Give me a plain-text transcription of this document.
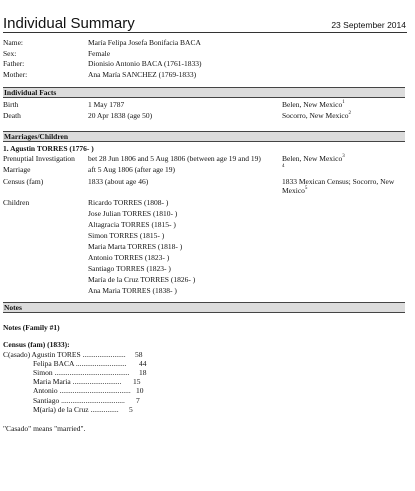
Individual Summary	23 September 2014
Name:	María Felipa Josefa Bonifacia BACA
Sex:	Female
Father:	Dionisio Antonio BACA (1761-1833)
Mother:	Ana María SANCHEZ (1769-1833)
Individual Facts
Birth	1 May 1787	Belen, New Mexico$^1$
Death	20 Apr 1838 (age 50)	Socorro, New Mexico$^2$
Marriages/Children
1. Agustin TORRES (1776- )
Prenuptial Investigation bet 28 Jun 1806 and 5 Aug 1806 (between age 19 and 19)	Belen, New Mexico$^3$
Marriage	aft 5 Aug 1806 (after age 19)	$^4$
Census (fam)	1833 (about age 46)	1833 Mexican Census; Socorro, New
Mexico$^5$
Children	Ricardo TORRES (1808- )
Jose Julian TORRES (1810- )
Altagracia TORRES (1815- )
Simon TORRES (1815- )
Maria Marta TORRES (1818- )
Antonio TORRES (1823- )
Santiago TORRES (1823- )
María de la Cruz TORRES (1826- )
Ana Maria TORRES (1838- )
Notes
Notes (Family #1)
Census (fam) (1833):
C(asado) Agustin TORES ....................... 58
Felipa BACA ........................... 44
Simon ........................................ 18
Maria Maria .......................... 15
Antonio ...................................... 10
Santiago .................................. 7
M(aría) de la Cruz ............... 5
"Casado" means "married".
